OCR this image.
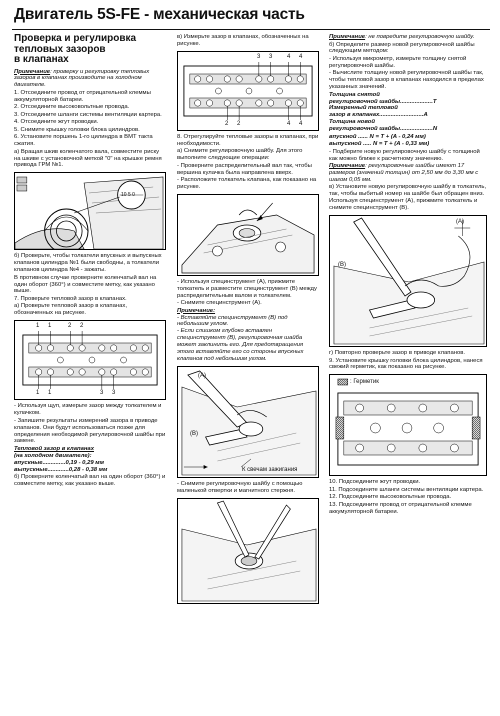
Двигатель 5S-FE - механическая часть
Проверка и регулировка
тепловых зазоров
в клапанах

Примечание: проверку и регулировку тепловых зазоров в клапанах производите на холодном двигателе.

1. Отсоедините провод от отрицательной клеммы аккумуляторной батареи.

2. Отсоедините высоковольтные провода.

3. Отсоедините шланги системы вентиляции картера.

4. Отсоедините жгут проводки.

5. Снимите крышку головки блока цилиндров.

6. Установите поршень 1-го цилиндра в ВМТ такта сжатия.

а) Вращая шкив коленчатого вала, совместите риску на шкиве с установочной меткой "0" на крышке ремня привода ГРМ №1.

10 5 0

б) Проверьте, чтобы толкатели впускных и выпускных клапанов цилиндра №1 были свободны, а толкатели клапанов цилиндра №4 - зажаты.

В противном случае проверните коленчатый вал на один оборот (360°) и совместите метку, как указано выше.

7. Проверьте тепловой зазор в клапанах.

а) Проверьте тепловой зазор в клапанах, обозначенных на рисунке.

1 1	2 2
1 1	3 3

- Используя щуп, измерьте зазор между толкателем и кулачком.

- Запишите результаты измерений зазора в приводе клапанов. Они будут использоваться позже для определения необходимой регулировочной шайбы при замене.

Тепловой зазор в клапанах
(на холодном двигателе):
впускные..............0,19 - 0,29 мм
выпускные.............0,28 - 0,38 мм

б) Проверните коленчатый вал на один оборот (360°) и совместите метку, как указано выше.

в) Измерьте зазор в клапанах, обозначенных на рисунке.

3 3 4 4
2 2	4 4

8. Отрегулируйте тепловые зазоры в клапанах, при необходимости.

а) Снимите регулировочную шайбу. Для этого выполните следующие операции:

- Проверните распределительный вал так, чтобы вершина кулачка была направлена вверх.

- Расположите толкатель клапана, как показано на рисунке.

- Используя специнструмент (А), прижмите толкатель и разместите специнструмент (В) между распределительным валом и толкателем.

- Снимите специнструмент (А).

Примечание:
- Вставляйте специнструмент (В) под небольшим углом.
- Если слишком глубоко вставлен специнструмент (В), регулировочная шайба может заклинить его. Для предотвращения этого вставляйте его со стороны впускных клапанов под небольшим углом.

(А)
(В)
К свечам зажигания

- Снимите регулировочную шайбу с помощью маленькой отвертки и магнитного стержня.

Примечание: не повредите регулировочную шайбу.

б) Определите размер новой регулировочной шайбы следующим методом:

- Используя микрометр, измерьте толщину снятой регулировочной шайбы.

- Вычислите толщину новой регулировочной шайбы так, чтобы тепловой зазор в клапанах находился в пределах указанных значений.

Толщина снятой
регулировочной шайбы....................T
Измеренный тепловой
зазор в клапанах...........................A
Толщина новой
регулировочной шайбы....................N

впускной ...... N = T + (A - 0,24 мм)

выпускной ..... N = T + (A - 0,33 мм)

- Подберите новую регулировочную шайбу с толщиной как можно ближе к расчетному значению.

Примечание: регулировочные шайбы имеют 17 размеров (значений толщин) от 2,50 мм до 3,30 мм с шагом 0,05 мм.

в) Установите новую регулировочную шайбу в толкатель, так, чтобы выбитый номер на шайбе был обращен вниз. Используя специнструмент (А), прижмите толкатель и снимите специнструмент (В).

(А)
(В)

г) Повторно проверьте зазор в приводе клапанов.

9. Установите крышку головки блока цилиндров, нанеся свежий герметик, как показано на рисунке.

: Герметик

10. Подсоедините жгут проводки.

11. Подсоедините шланги системы вентиляции картера.

12. Подсоедините высоковольтные провода.

13. Подсоедините провод от отрицательной клемме аккумуляторной батареи.
